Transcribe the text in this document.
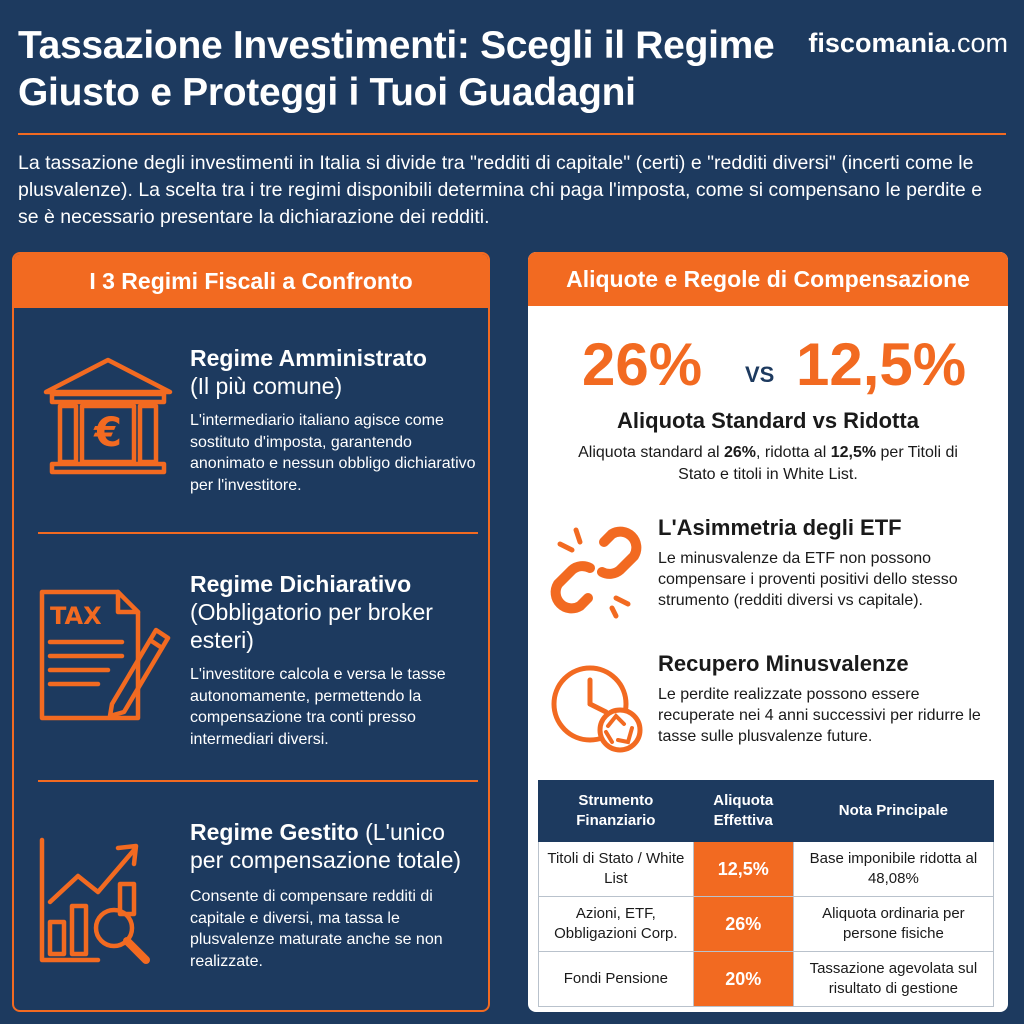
Tassazione Investimenti: Scegli il Regime Giusto e Proteggi i Tuoi Guadagni
fiscomania.com
La tassazione degli investimenti in Italia si divide tra "redditi di capitale" (certi) e "redditi diversi" (incerti come le plusvalenze). La scelta tra i tre regimi disponibili determina chi paga l'imposta, come si compensano le perdite e se è necessario presentare la dichiarazione dei redditi.
I 3 Regimi Fiscali a Confronto
€
Regime Amministrato
(Il più comune)
L'intermediario italiano agisce come sostituto d'imposta, garantendo anonimato e nessun obbligo dichiarativo per l'investitore.
TAX
Regime Dichiarativo
(Obbligatorio per broker esteri)
L'investitore calcola e versa le tasse autonomamente, permettendo la compensazione tra conti presso intermediari diversi.
Regime Gestito (L'unico per compensazione totale)
Consente di compensare redditi di capitale e diversi, ma tassa le plusvalenze maturate anche se non realizzate.
Aliquote e Regole di Compensazione
26% VS 12,5%
Aliquota Standard vs Ridotta
Aliquota standard al 26%, ridotta al 12,5% per Titoli di Stato e titoli in White List.
L'Asimmetria degli ETF
Le minusvalenze da ETF non possono compensare i proventi positivi dello stesso strumento (redditi diversi vs capitale).
Recupero Minusvalenze
Le perdite realizzate possono essere recuperate nei 4 anni successivi per ridurre le tasse sulle plusvalenze future.
Strumento Finanziario	Aliquota Effettiva	Nota Principale
Titoli di Stato / White List	12,5%	Base imponibile ridotta al 48,08%
Azioni, ETF, Obbligazioni Corp.	26%	Aliquota ordinaria per persone fisiche
Fondi Pensione	20%	Tassazione agevolata sul risultato di gestione
